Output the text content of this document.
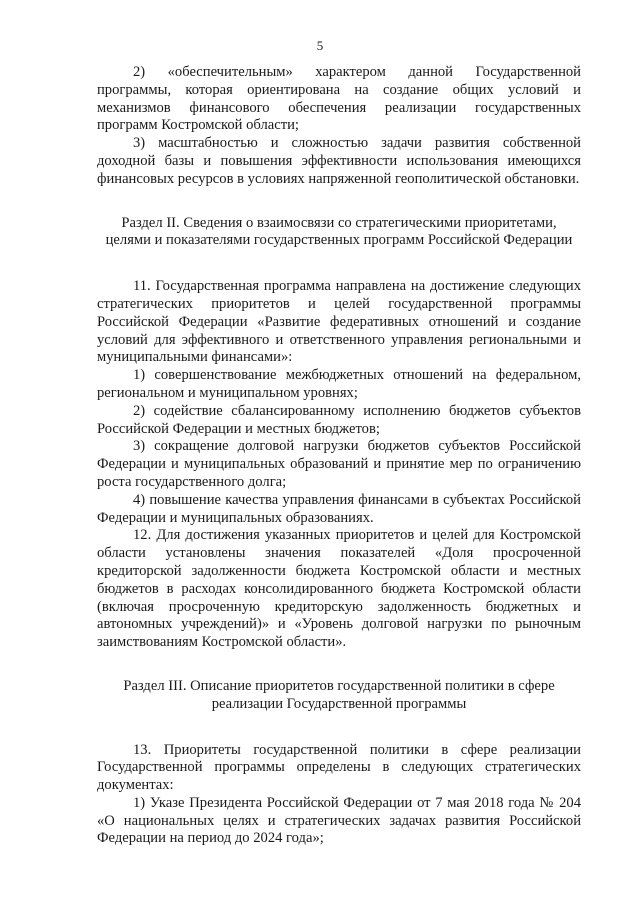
5

2) «обеспечительным» характером данной Государственной программы, которая ориентирована на создание общих условий и механизмов финансового обеспечения реализации государственных программ Костромской области;

3) масштабностью и сложностью задачи развития собственной доходной базы и повышения эффективности использования имеющихся финансовых ресурсов в условиях напряженной геополитической обстановки.

Раздел II. Сведения о взаимосвязи со стратегическими приоритетами, целями и показателями государственных программ Российской Федерации

11. Государственная программа направлена на достижение следующих стратегических приоритетов и целей государственной программы Российской Федерации «Развитие федеративных отношений и создание условий для эффективного и ответственного управления региональными и муниципальными финансами»:

1) совершенствование межбюджетных отношений на федеральном, региональном и муниципальном уровнях;

2) содействие сбалансированному исполнению бюджетов субъектов Российской Федерации и местных бюджетов;

3) сокращение долговой нагрузки бюджетов субъектов Российской Федерации и муниципальных образований и принятие мер по ограничению роста государственного долга;

4) повышение качества управления финансами в субъектах Российской Федерации и муниципальных образованиях.

12. Для достижения указанных приоритетов и целей для Костромской области установлены значения показателей «Доля просроченной кредиторской задолженности бюджета Костромской области и местных бюджетов в расходах консолидированного бюджета Костромской области (включая просроченную кредиторскую задолженность бюджетных и автономных учреждений)» и «Уровень долговой нагрузки по рыночным заимствованиям Костромской области».

Раздел III. Описание приоритетов государственной политики в сфере реализации Государственной программы

13. Приоритеты государственной политики в сфере реализации Государственной программы определены в следующих стратегических документах:

1) Указе Президента Российской Федерации от 7 мая 2018 года № 204 «О национальных целях и стратегических задачах развития Российской Федерации на период до 2024 года»;
